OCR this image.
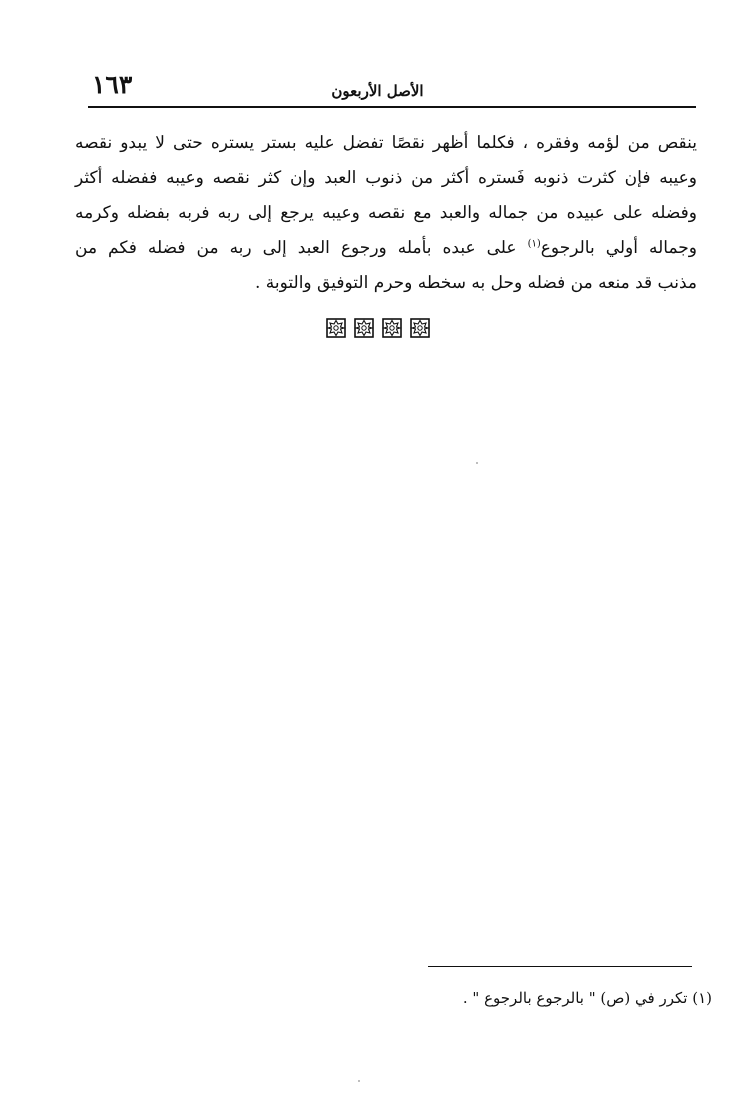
١٦٣	الأصل الأربعون
ينقص من لؤمه وفقره ، فكلما أظهر نقصًا تفضل عليه بستر يستره حتى لا يبدو نقصه
وعيبه فإن كثرت ذنوبه فَستره أكثر من ذنوب العبد وإن كثر نقصه وعيبه ففضله أكثر
وفضله على عبيده من جماله والعبد مع نقصه وعيبه يرجع إلى ربه فربه بفضله وكرمه
وجماله أولي بالرجوع$^{(١)}$ على عبده بأمله ورجوع العبد إلى ربه من فضله فكم من
مذنب قد منعه من فضله وحل به سخطه وحرم التوفيق والتوبة .
(١) تكرر في (ص) " بالرجوع بالرجوع " .
